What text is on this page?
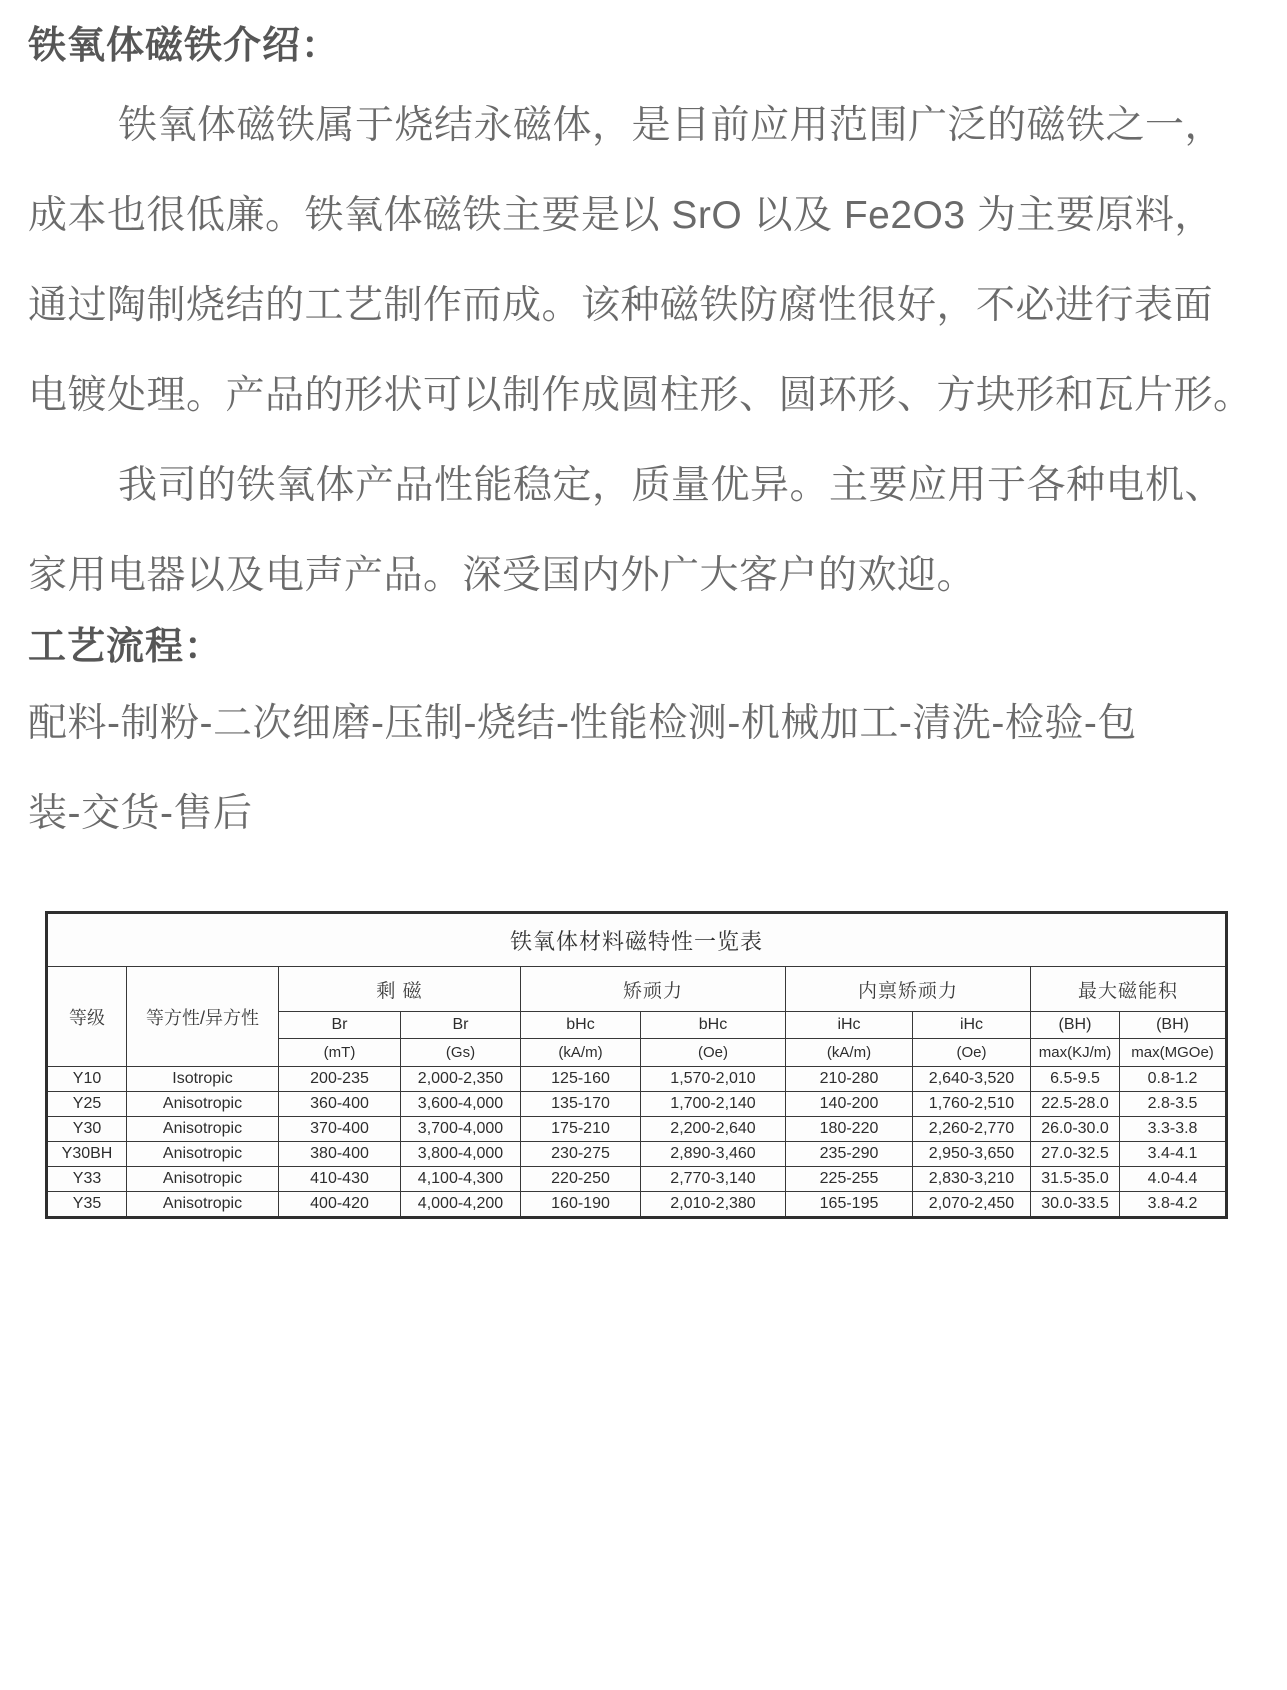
铁氧体磁铁介绍：
铁氧体磁铁属于烧结永磁体，是目前应用范围广泛的磁铁之一，
成本也很低廉。铁氧体磁铁主要是以 SrO 以及 Fe2O3 为主要原料，
通过陶制烧结的工艺制作而成。该种磁铁防腐性很好，不必进行表面
电镀处理。产品的形状可以制作成圆柱形、圆环形、方块形和瓦片形。
我司的铁氧体产品性能稳定，质量优异。主要应用于各种电机、
家用电器以及电声产品。深受国内外广大客户的欢迎。
工艺流程：
配料-制粉-二次细磨-压制-烧结-性能检测-机械加工-清洗-检验-包
装-交货-售后
铁氧体材料磁特性一览表									
等级	等方性/异方性	剩 磁		矫顽力		内禀矫顽力		最大磁能积	
		Br	Br	bHc	bHc	iHc	iHc	(BH)	(BH)
		(mT)	(Gs)	(kA/m)	(Oe)	(kA/m)	(Oe)	max(KJ/m)	max(MGOe)
Y10	Isotropic	200-235	2,000-2,350	125-160	1,570-2,010	210-280	2,640-3,520	6.5-9.5	0.8-1.2
Y25	Anisotropic	360-400	3,600-4,000	135-170	1,700-2,140	140-200	1,760-2,510	22.5-28.0	2.8-3.5
Y30	Anisotropic	370-400	3,700-4,000	175-210	2,200-2,640	180-220	2,260-2,770	26.0-30.0	3.3-3.8
Y30BH	Anisotropic	380-400	3,800-4,000	230-275	2,890-3,460	235-290	2,950-3,650	27.0-32.5	3.4-4.1
Y33	Anisotropic	410-430	4,100-4,300	220-250	2,770-3,140	225-255	2,830-3,210	31.5-35.0	4.0-4.4
Y35	Anisotropic	400-420	4,000-4,200	160-190	2,010-2,380	165-195	2,070-2,450	30.0-33.5	3.8-4.2
